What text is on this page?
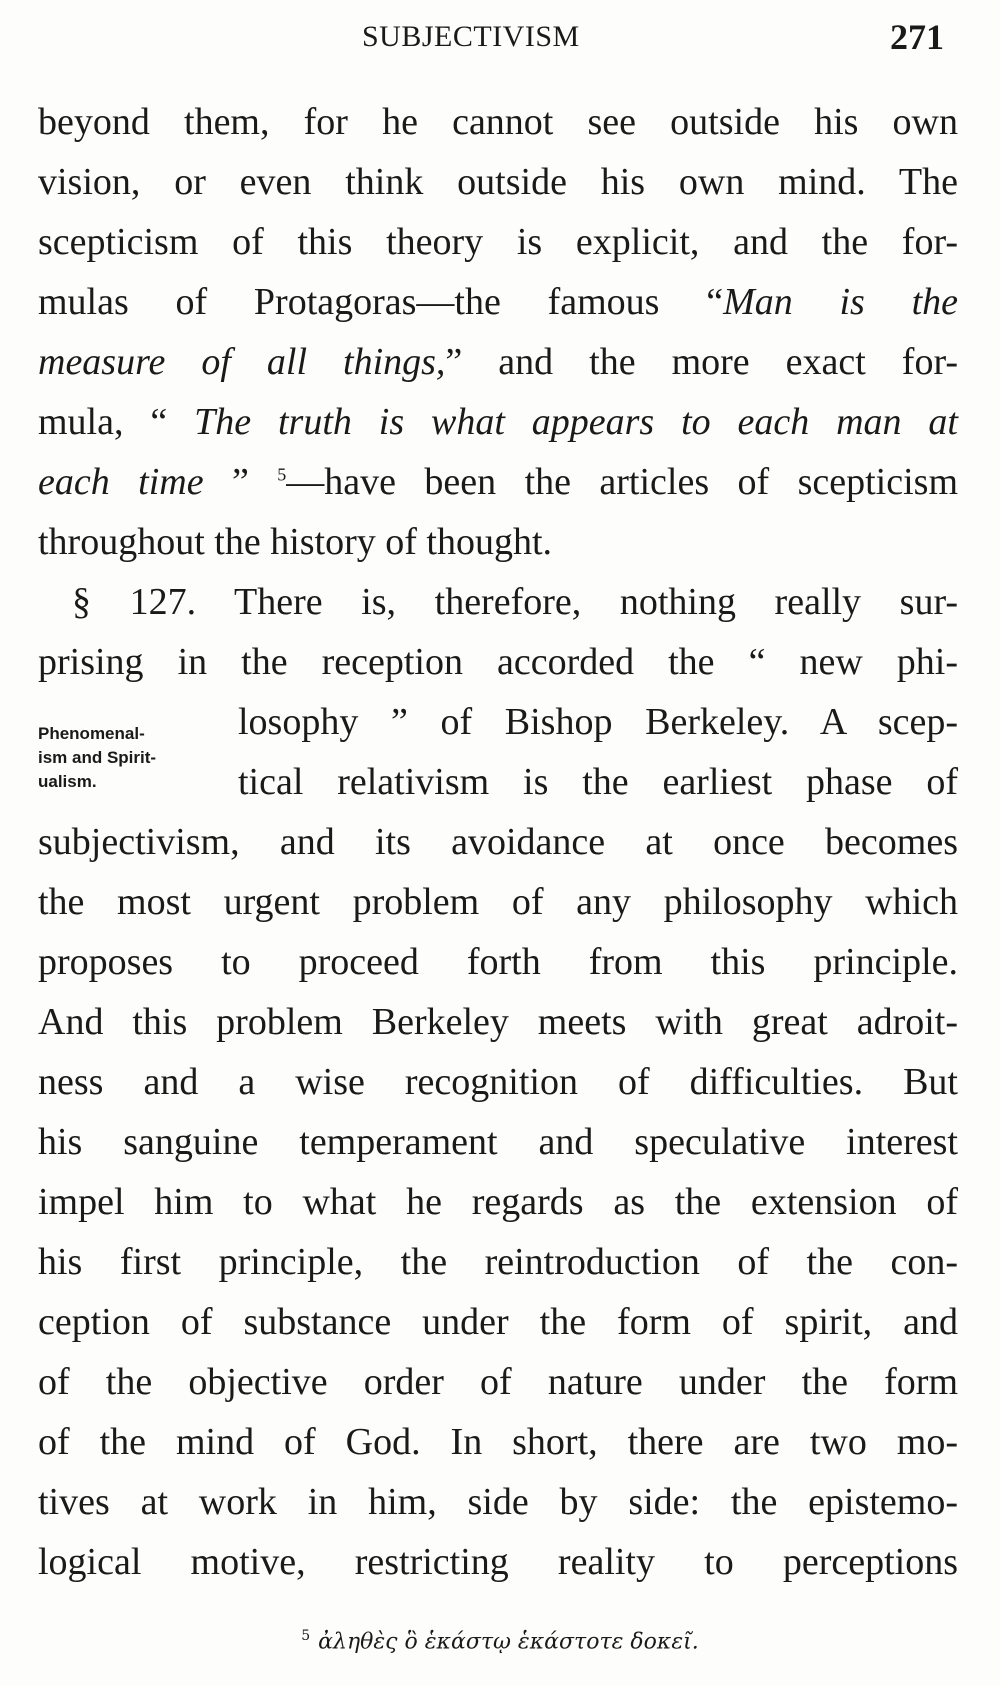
SUBJECTIVISM	271
Phenomenal-
ism and Spirit-
ualism.
beyond them, for he cannot see outside his own
vision, or even think outside his own mind. The
scepticism of this theory is explicit, and the for-
mulas of Protagoras—the famous “Man is the
measure of all things,” and the more exact for-
mula, “ The truth is what appears to each man at
each time ” $^5$—have been the articles of scepticism
throughout the history of thought.
§ 127. There is, therefore, nothing really sur-
prising in the reception accorded the “ new phi-
losophy ” of Bishop Berkeley. A scep-
tical relativism is the earliest phase of
subjectivism, and its avoidance at once becomes
the most urgent problem of any philosophy which
proposes to proceed forth from this principle.
And this problem Berkeley meets with great adroit-
ness and a wise recognition of difficulties. But
his sanguine temperament and speculative interest
impel him to what he regards as the extension of
his first principle, the reintroduction of the con-
ception of substance under the form of spirit, and
of the objective order of nature under the form
of the mind of God. In short, there are two mo-
tives at work in him, side by side: the epistemo-
logical motive, restricting reality to perceptions
$^5$ ἀληθὲς ὃ ἑκάστῳ ἑκάστοτε δοκεῖ.
